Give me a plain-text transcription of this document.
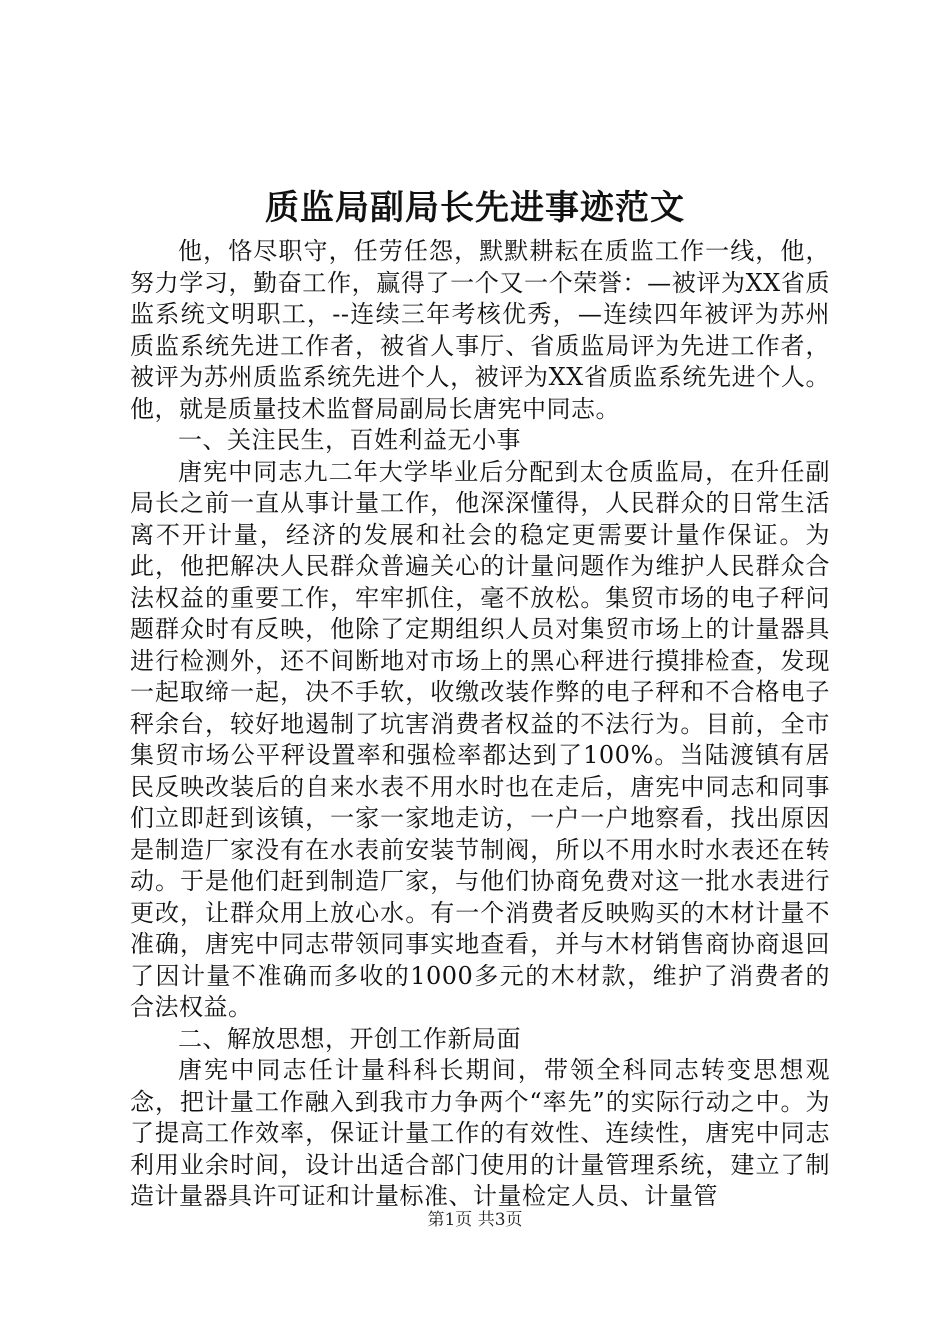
质监局副局长先进事迹范文

他，恪尽职守，任劳任怨，默默耕耘在质监工作一线，他，努力学习，勤奋工作，赢得了一个又一个荣誉：—被评为XX省质监系统文明职工，--连续三年考核优秀，—连续四年被评为苏州质监系统先进工作者，被省人事厅、省质监局评为先进工作者，被评为苏州质监系统先进个人，被评为XX省质监系统先进个人。他，就是质量技术监督局副局长唐宪中同志。

一、关注民生，百姓利益无小事

唐宪中同志九二年大学毕业后分配到太仓质监局，在升任副局长之前一直从事计量工作，他深深懂得，人民群众的日常生活离不开计量，经济的发展和社会的稳定更需要计量作保证。为此，他把解决人民群众普遍关心的计量问题作为维护人民群众合法权益的重要工作，牢牢抓住，毫不放松。集贸市场的电子秤问题群众时有反映，他除了定期组织人员对集贸市场上的计量器具进行检测外，还不间断地对市场上的黑心秤进行摸排检查，发现一起取缔一起，决不手软，收缴改装作弊的电子秤和不合格电子秤余台，较好地遏制了坑害消费者权益的不法行为。目前，全市集贸市场公平秤设置率和强检率都达到了100%。当陆渡镇有居民反映改装后的自来水表不用水时也在走后，唐宪中同志和同事们立即赶到该镇，一家一家地走访，一户一户地察看，找出原因是制造厂家没有在水表前安装节制阀，所以不用水时水表还在转动。于是他们赶到制造厂家，与他们协商免费对这一批水表进行更改，让群众用上放心水。有一个消费者反映购买的木材计量不准确，唐宪中同志带领同事实地查看，并与木材销售商协商退回了因计量不准确而多收的1000多元的木材款，维护了消费者的合法权益。

二、解放思想，开创工作新局面

唐宪中同志任计量科科长期间，带领全科同志转变思想观念，把计量工作融入到我市力争两个“率先”的实际行动之中。为了提高工作效率，保证计量工作的有效性、连续性，唐宪中同志利用业余时间，设计出适合部门使用的计量管理系统，建立了制造计量器具许可证和计量标准、计量检定人员、计量管

第1页 共3页
